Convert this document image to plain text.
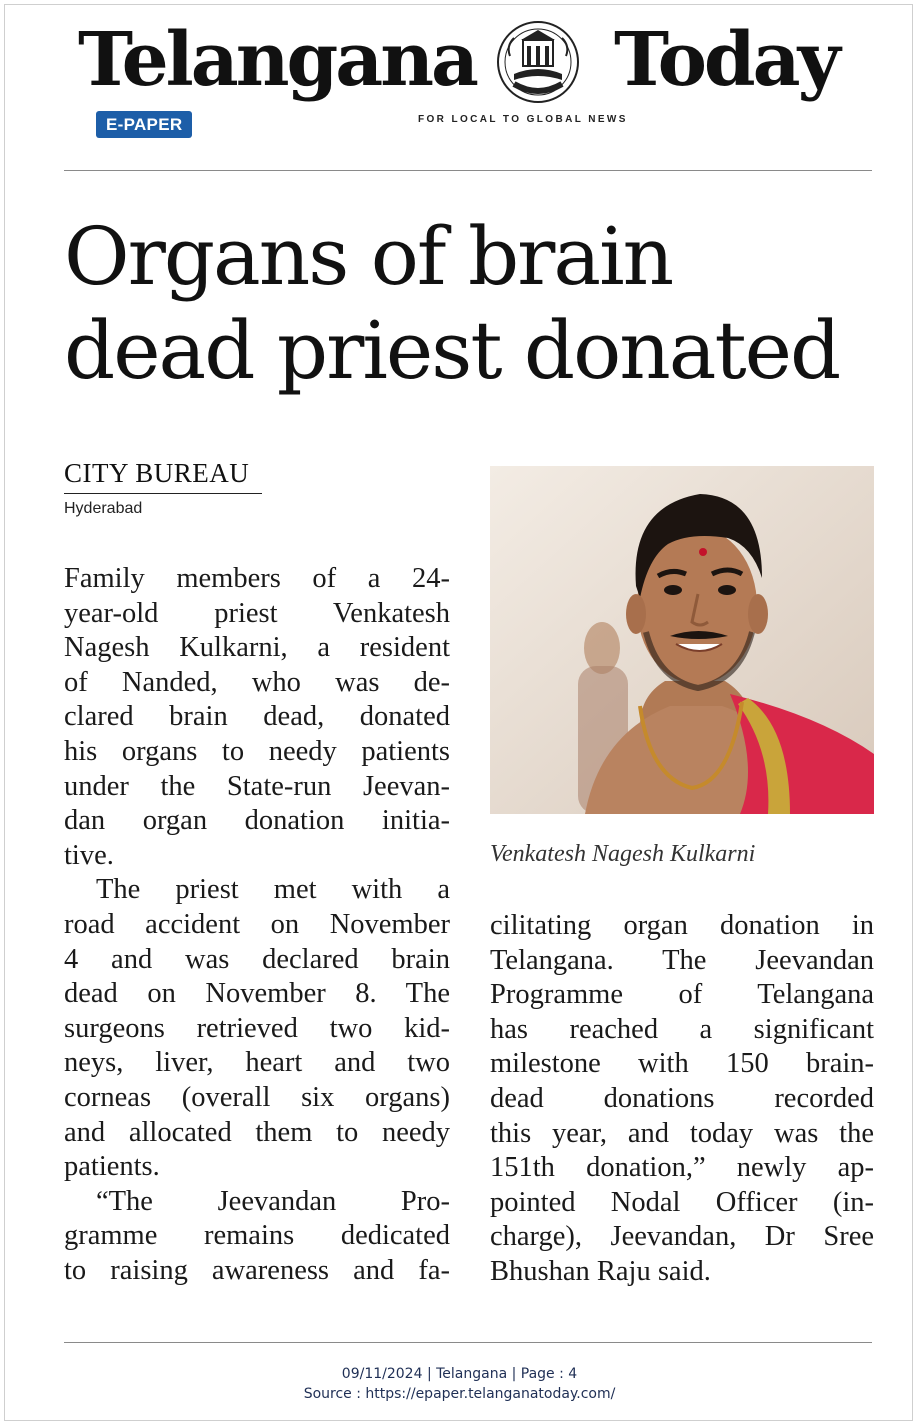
Telangana Today
E-PAPER	FOR LOCAL TO GLOBAL NEWS
Organs of brain
dead priest donated
CITY BUREAU
Hyderabad
Family members of a 24-
year-old priest Venkatesh
Nagesh Kulkarni, a resident
of Nanded, who was de-
clared brain dead, donated
his organs to needy patients
under the State-run Jeevan-
dan organ donation initia-
tive.
The priest met with a
road accident on November
4 and was declared brain
dead on November 8. The
surgeons retrieved two kid-
neys, liver, heart and two
corneas (overall six organs)
and allocated them to needy
patients.
“The Jeevandan Pro-
gramme remains dedicated
to raising awareness and fa-
Venkatesh Nagesh Kulkarni
cilitating organ donation in
Telangana. The Jeevandan
Programme of Telangana
has reached a significant
milestone with 150 brain-
dead donations recorded
this year, and today was the
151th donation,” newly ap-
pointed Nodal Officer (in-
charge), Jeevandan, Dr Sree
Bhushan Raju said.
09/11/2024 | Telangana | Page : 4
Source : https://epaper.telanganatoday.com/
